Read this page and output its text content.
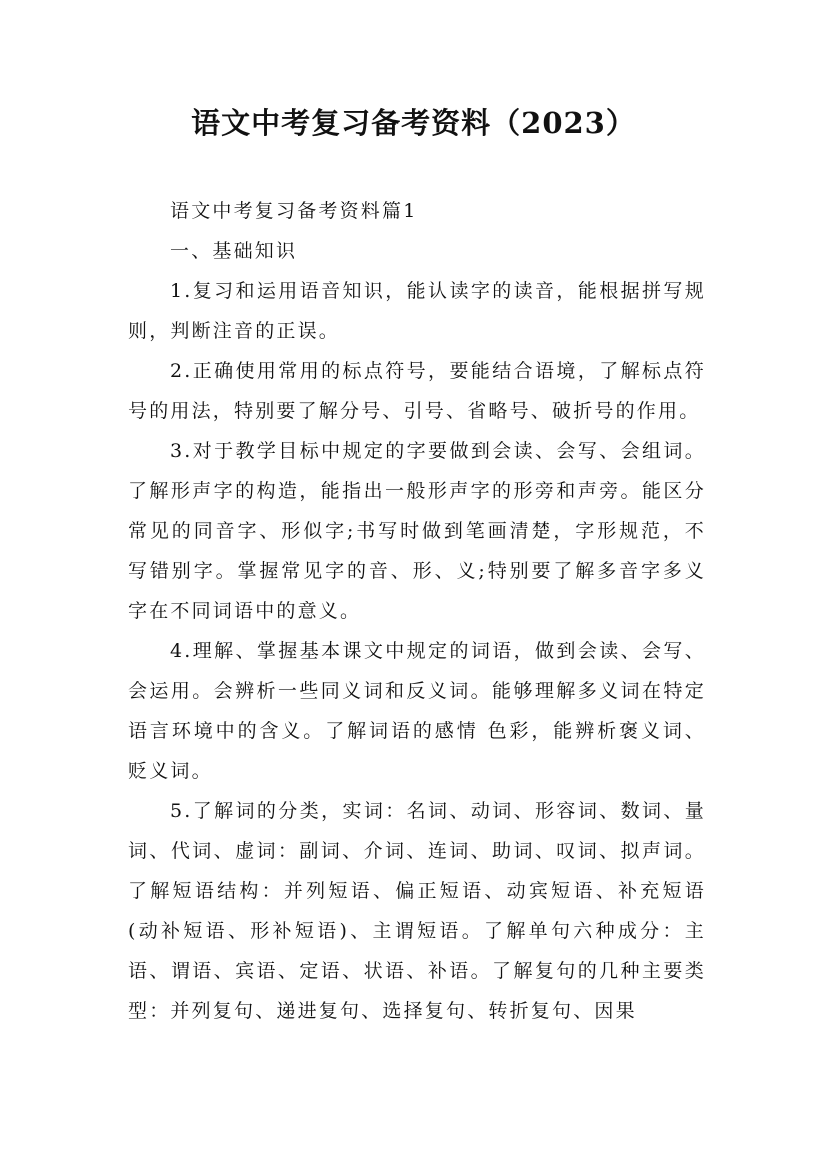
语文中考复习备考资料（2023）

语文中考复习备考资料篇1

一、基础知识

1.复习和运用语音知识，能认读字的读音，能根据拼写规则，判断注音的正误。

2.正确使用常用的标点符号，要能结合语境，了解标点符号的用法，特别要了解分号、引号、省略号、破折号的作用。

3.对于教学目标中规定的字要做到会读、会写、会组词。了解形声字的构造，能指出一般形声字的形旁和声旁。能区分常见的同音字、形似字;书写时做到笔画清楚，字形规范，不写错别字。掌握常见字的音、形、义;特别要了解多音字多义字在不同词语中的意义。

4.理解、掌握基本课文中规定的词语，做到会读、会写、会运用。会辨析一些同义词和反义词。能够理解多义词在特定语言环境中的含义。了解词语的感情 色彩，能辨析褒义词、贬义词。

5.了解词的分类，实词：名词、动词、形容词、数词、量词、代词、虚词：副词、介词、连词、助词、叹词、拟声词。了解短语结构：并列短语、偏正短语、动宾短语、补充短语(动补短语、形补短语)、主谓短语。了解单句六种成分：主语、谓语、宾语、定语、状语、补语。了解复句的几种主要类型：并列复句、递进复句、选择复句、转折复句、因果
